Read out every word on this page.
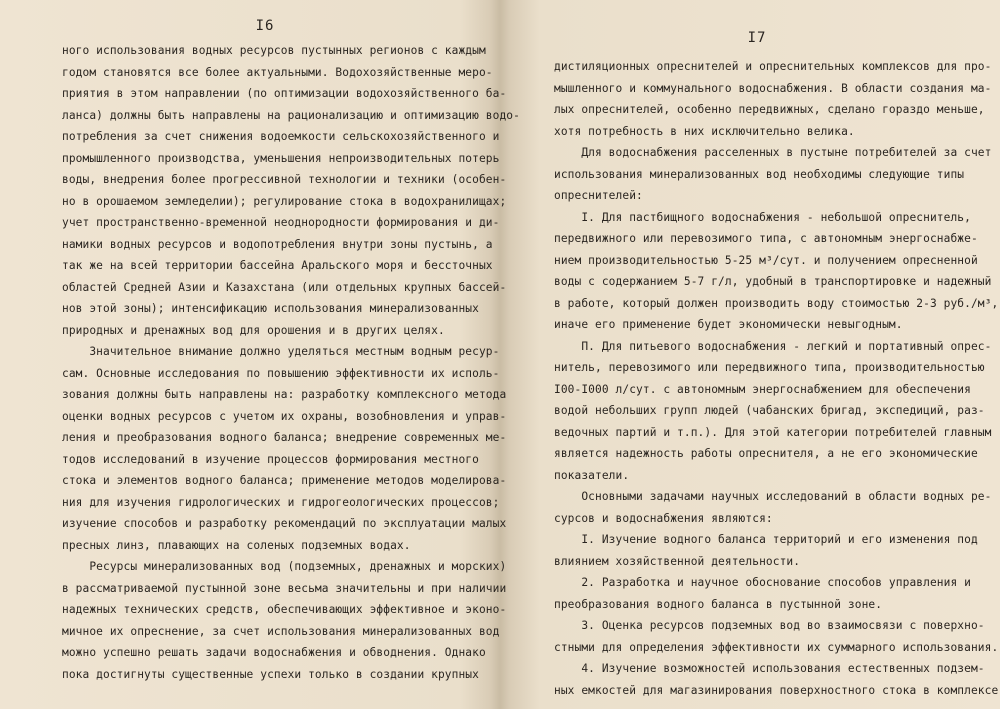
I6
ного использования водных ресурсов пустынных регионов с каждым
годом становятся все более актуальными. Водохозяйственные меро-
приятия в этом направлении (по оптимизации водохозяйственного ба-
ланса) должны быть направлены на рационализацию и оптимизацию водо-
потребления за счет снижения водоемкости сельскохозяйственного и
промышленного производства, уменьшения непроизводительных потерь
воды, внедрения более прогрессивной технологии и техники (особен-
но в орошаемом земледелии); регулирование стока в водохранилищах;
учет пространственно-временной неоднородности формирования и ди-
намики водных ресурсов и водопотребления внутри зоны пустынь, а
так же на всей территории бассейна Аральского моря и бессточных
областей Средней Азии и Казахстана (или отдельных крупных бассей-
нов этой зоны); интенсификацию использования минерализованных
природных и дренажных вод для орошения и в других целях.
Значительное внимание должно уделяться местным водным ресур-
сам. Основные исследования по повышению эффективности их исполь-
зования должны быть направлены на: разработку комплексного метода
оценки водных ресурсов с учетом их охраны, возобновления и управ-
ления и преобразования водного баланса; внедрение современных ме-
тодов исследований в изучение процессов формирования местного
стока и элементов водного баланса; применение методов моделирова-
ния для изучения гидрологических и гидрогеологических процессов;
изучение способов и разработку рекомендаций по эксплуатации малых
пресных линз, плавающих на соленых подземных водах.
Ресурсы минерализованных вод (подземных, дренажных и морских)
в рассматриваемой пустынной зоне весьма значительны и при наличии
надежных технических средств, обеспечивающих эффективное и эконо-
мичное их опреснение, за счет использования минерализованных вод
можно успешно решать задачи водоснабжения и обводнения. Однако
пока достигнуты существенные успехи только в создании крупных
I7
дистиляционных опреснителей и опреснительных комплексов для про-
мышленного и коммунального водоснабжения. В области создания ма-
лых опреснителей, особенно передвижных, сделано гораздо меньше,
хотя потребность в них исключительно велика.
Для водоснабжения расселенных в пустыне потребителей за счет
использования минерализованных вод необходимы следующие типы
опреснителей:
I. Для пастбищного водоснабжения - небольшой опреснитель,
передвижного или перевозимого типа, с автономным энергоснабже-
нием производительностью 5-25 м³/сут. и получением опресненной
воды с содержанием 5-7 г/л, удобный в транспортировке и надежный
в работе, который должен производить воду стоимостью 2-3 руб./м³,
иначе его применение будет экономически невыгодным.
П. Для питьевого водоснабжения - легкий и портативный опрес-
нитель, перевозимого или передвижного типа, производительностью
I00-I000 л/сут. с автономным энергоснабжением для обеспечения
водой небольших групп людей (чабанских бригад, экспедиций, раз-
ведочных партий и т.п.). Для этой категории потребителей главным
является надежность работы опреснителя, а не его экономические
показатели.
Основными задачами научных исследований в области водных ре-
сурсов и водоснабжения являются:
I. Изучение водного баланса территорий и его изменения под
влиянием хозяйственной деятельности.
2. Разработка и научное обоснование способов управления и
преобразования водного баланса в пустынной зоне.
3. Оценка ресурсов подземных вод во взаимосвязи с поверхно-
стными для определения эффективности их суммарного использования.
4. Изучение возможностей использования естественных подзем-
ных емкостей для магазинирования поверхностного стока в комплексе
